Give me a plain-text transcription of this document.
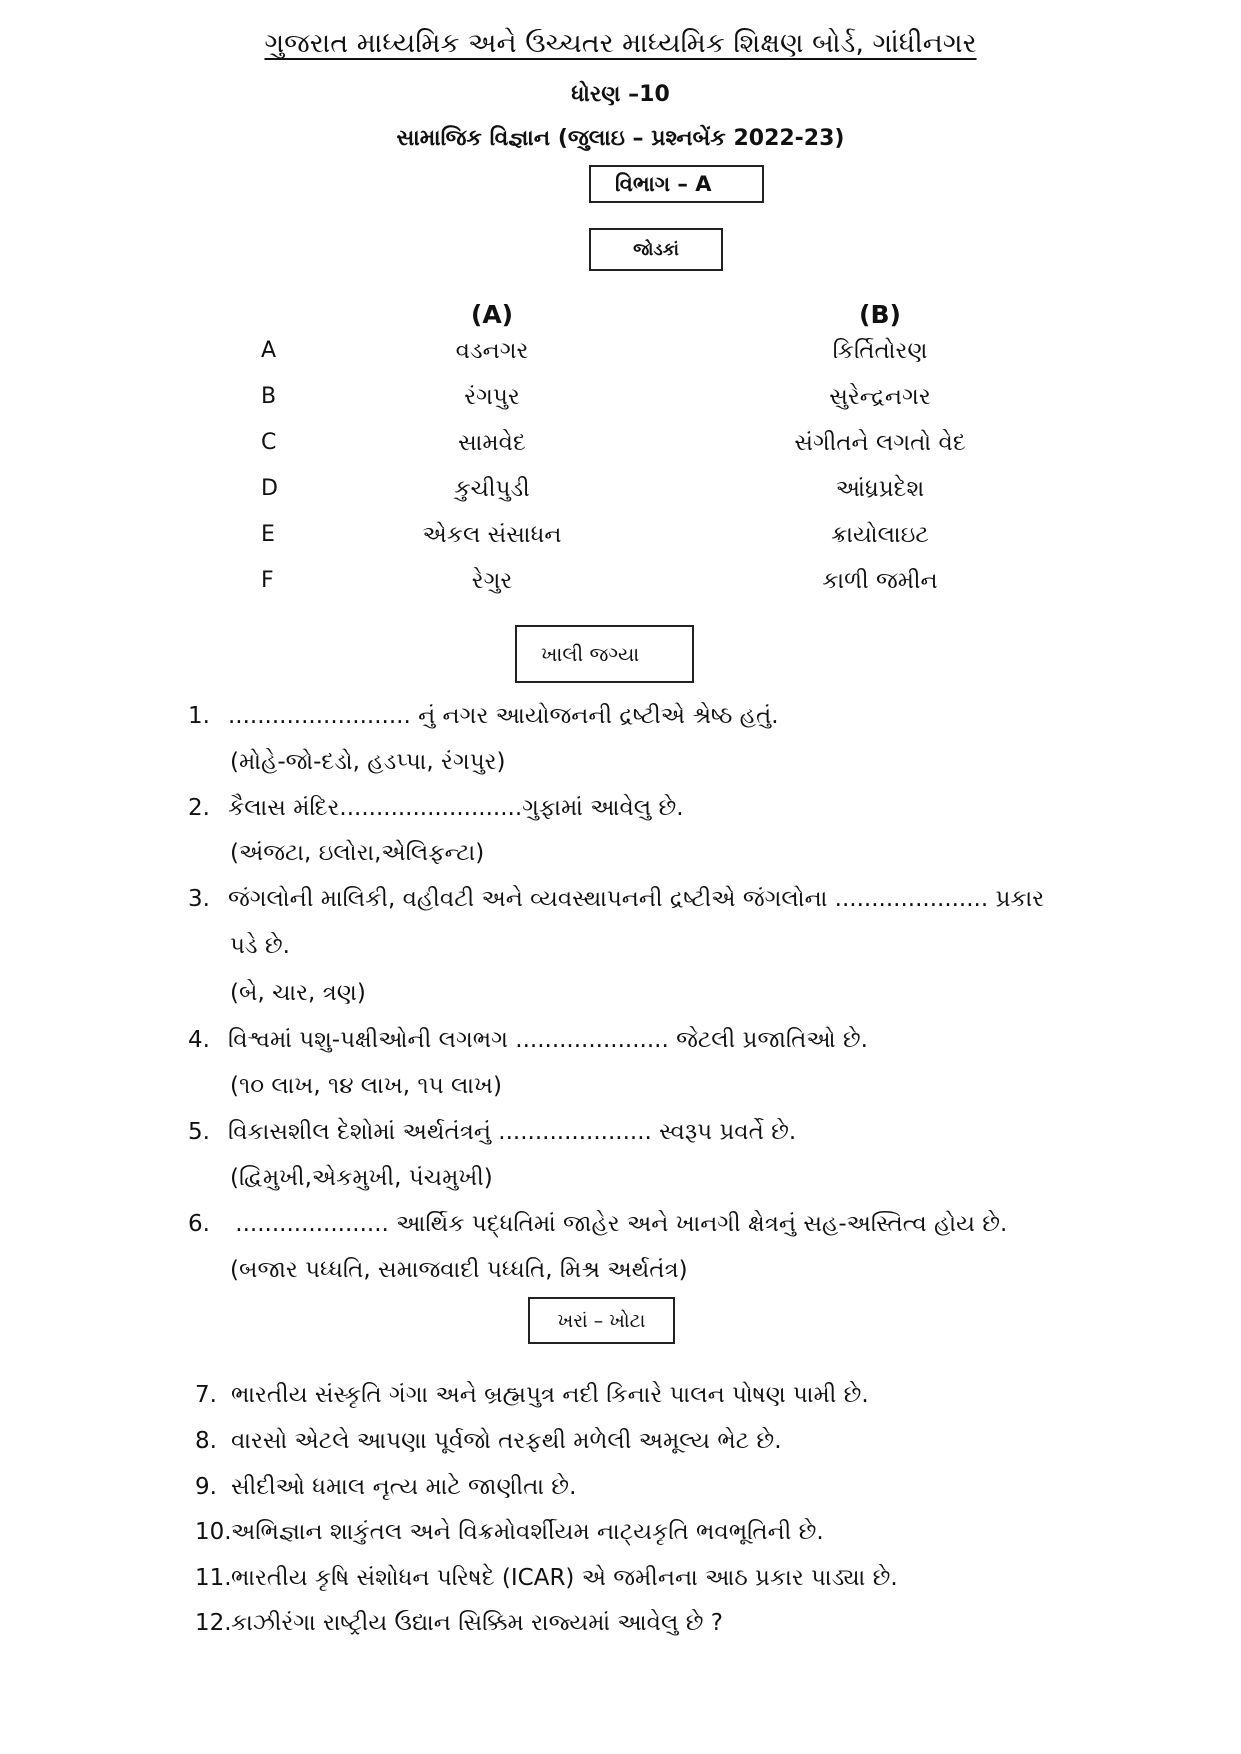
ગુજરાત માધ્યમિક અને ઉચ્ચતર માધ્યમિક શિક્ષણ બોર્ડ, ગાંધીનગર
ધોરણ –10
સામાજિક વિજ્ઞાન (જુલાઇ – પ્રશ્નબેંક 2022-23)
વિભાગ – A
જોડકાં
(A)	(B)
A	વડનગર	કિર્તિતોરણ
B	રંગપુર	સુરેન્દ્રનગર
C	સામવેદ	સંગીતને લગતો વેદ
D	કુચીપુડી	આંધ્રપ્રદેશ
E	એકલ સંસાધન	ક્રાયોલાઇટ
F	રેગુર	કાળી જમીન
ખાલી જગ્યા
1. ......................... નું નગર આયોજનની દ્રષ્ટીએ શ્રેષ્ઠ હતું.
(મોહે-જો-દડો, હડપ્પા, રંગપુર)
2. કૈલાસ મંદિર.........................ગુફામાં આવેલુ છે.
(અંજટા, ઇલોરા,એલિફન્ટા)
3. જંગલોની માલિકી, વહીવટી અને વ્યવસ્થાપનની દ્રષ્ટીએ જંગલોના ..................... પ્રકાર
પડે છે.
(બે, ચાર, ત્રણ)
4. વિશ્વમાં પશુ-પક્ષીઓની લગભગ ..................... જેટલી પ્રજાતિઓ છે.
(૧૦ લાખ, ૧૪ લાખ, ૧૫ લાખ)
5. વિકાસશીલ દેશોમાં અર્થતંત્રનું ..................... સ્વરૂપ પ્રવર્તે છે.
(દ્વિમુખી,એકમુખી, પંચમુખી)
6. ..................... આર્થિક પદ્ધતિમાં જાહેર અને ખાનગી ક્ષેત્રનું સહ-અસ્તિત્વ હોય છે.
(બજાર પધ્ધતિ, સમાજવાદી પધ્ધતિ, મિશ્ર અર્થતંત્ર)
ખરાં – ખોટા
7. ભારતીય સંસ્કૃતિ ગંગા અને બ્રહ્મપુત્ર નદી કિનારે પાલન પોષણ પામી છે.
8. વારસો એટલે આપણા પૂર્વજો તરફથી મળેલી અમૂલ્ય ભેટ છે.
9. સીદીઓ ધમાલ નૃત્ય માટે જાણીતા છે.
10.અભિજ્ઞાન શાકુંતલ અને વિક્રમોવર્શીયમ નાટ્યકૃતિ ભવભૂતિની છે.
11.ભારતીય કૃષિ સંશોધન પરિષદે (ICAR) એ જમીનના આઠ પ્રકાર પાડ્યા છે.
12.કાઝીરંગા રાષ્ટ્રીય ઉદ્યાન સિક્કિમ રાજ્યમાં આવેલુ છે ?
